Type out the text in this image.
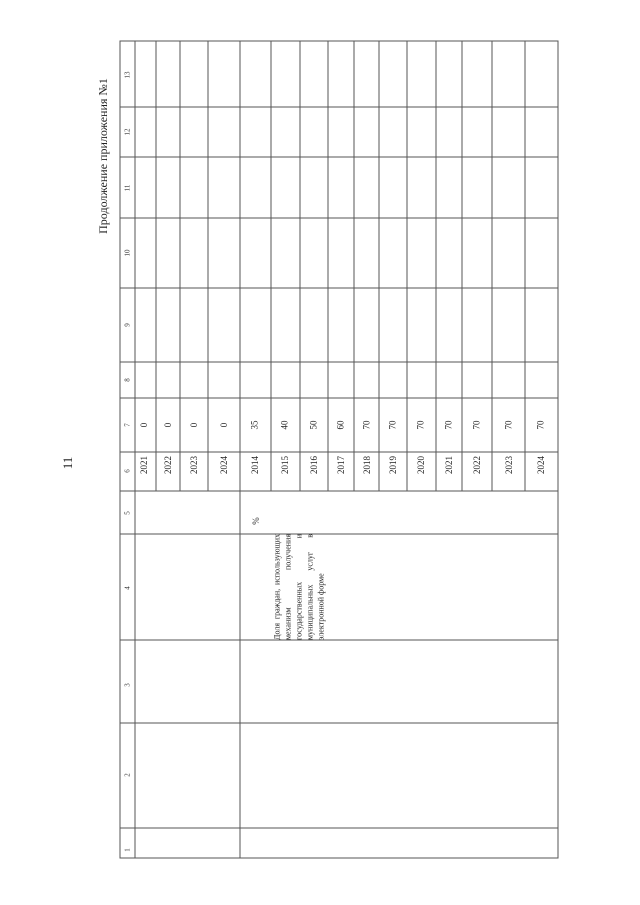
11
Продолжение приложения №1
1
2
3
4
5
6
7
8
9
10
11
12
13
2021
0
2022
0
2023
0
2024
0
Доля граждан, использующих механизм получения государственных и муниципальных услуг в электронной форме
%
2014
35
2015
40
2016
50
2017
60
2018
70
2019
70
2020
70
2021
70
2022
70
2023
70
2024
70
